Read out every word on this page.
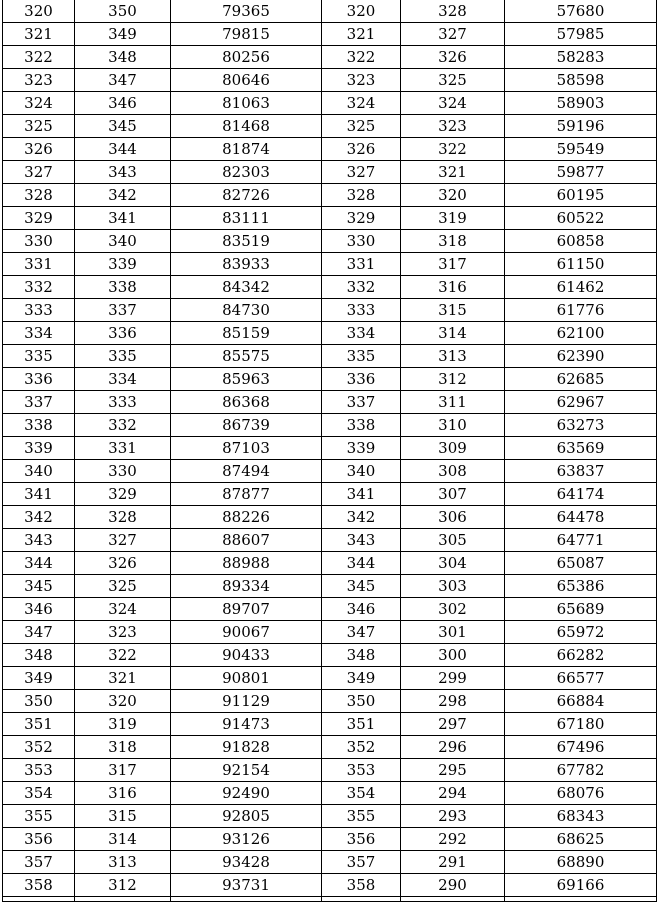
320	350	79365	320	328	57680
321	349	79815	321	327	57985
322	348	80256	322	326	58283
323	347	80646	323	325	58598
324	346	81063	324	324	58903
325	345	81468	325	323	59196
326	344	81874	326	322	59549
327	343	82303	327	321	59877
328	342	82726	328	320	60195
329	341	83111	329	319	60522
330	340	83519	330	318	60858
331	339	83933	331	317	61150
332	338	84342	332	316	61462
333	337	84730	333	315	61776
334	336	85159	334	314	62100
335	335	85575	335	313	62390
336	334	85963	336	312	62685
337	333	86368	337	311	62967
338	332	86739	338	310	63273
339	331	87103	339	309	63569
340	330	87494	340	308	63837
341	329	87877	341	307	64174
342	328	88226	342	306	64478
343	327	88607	343	305	64771
344	326	88988	344	304	65087
345	325	89334	345	303	65386
346	324	89707	346	302	65689
347	323	90067	347	301	65972
348	322	90433	348	300	66282
349	321	90801	349	299	66577
350	320	91129	350	298	66884
351	319	91473	351	297	67180
352	318	91828	352	296	67496
353	317	92154	353	295	67782
354	316	92490	354	294	68076
355	315	92805	355	293	68343
356	314	93126	356	292	68625
357	313	93428	357	291	68890
358	312	93731	358	290	69166
